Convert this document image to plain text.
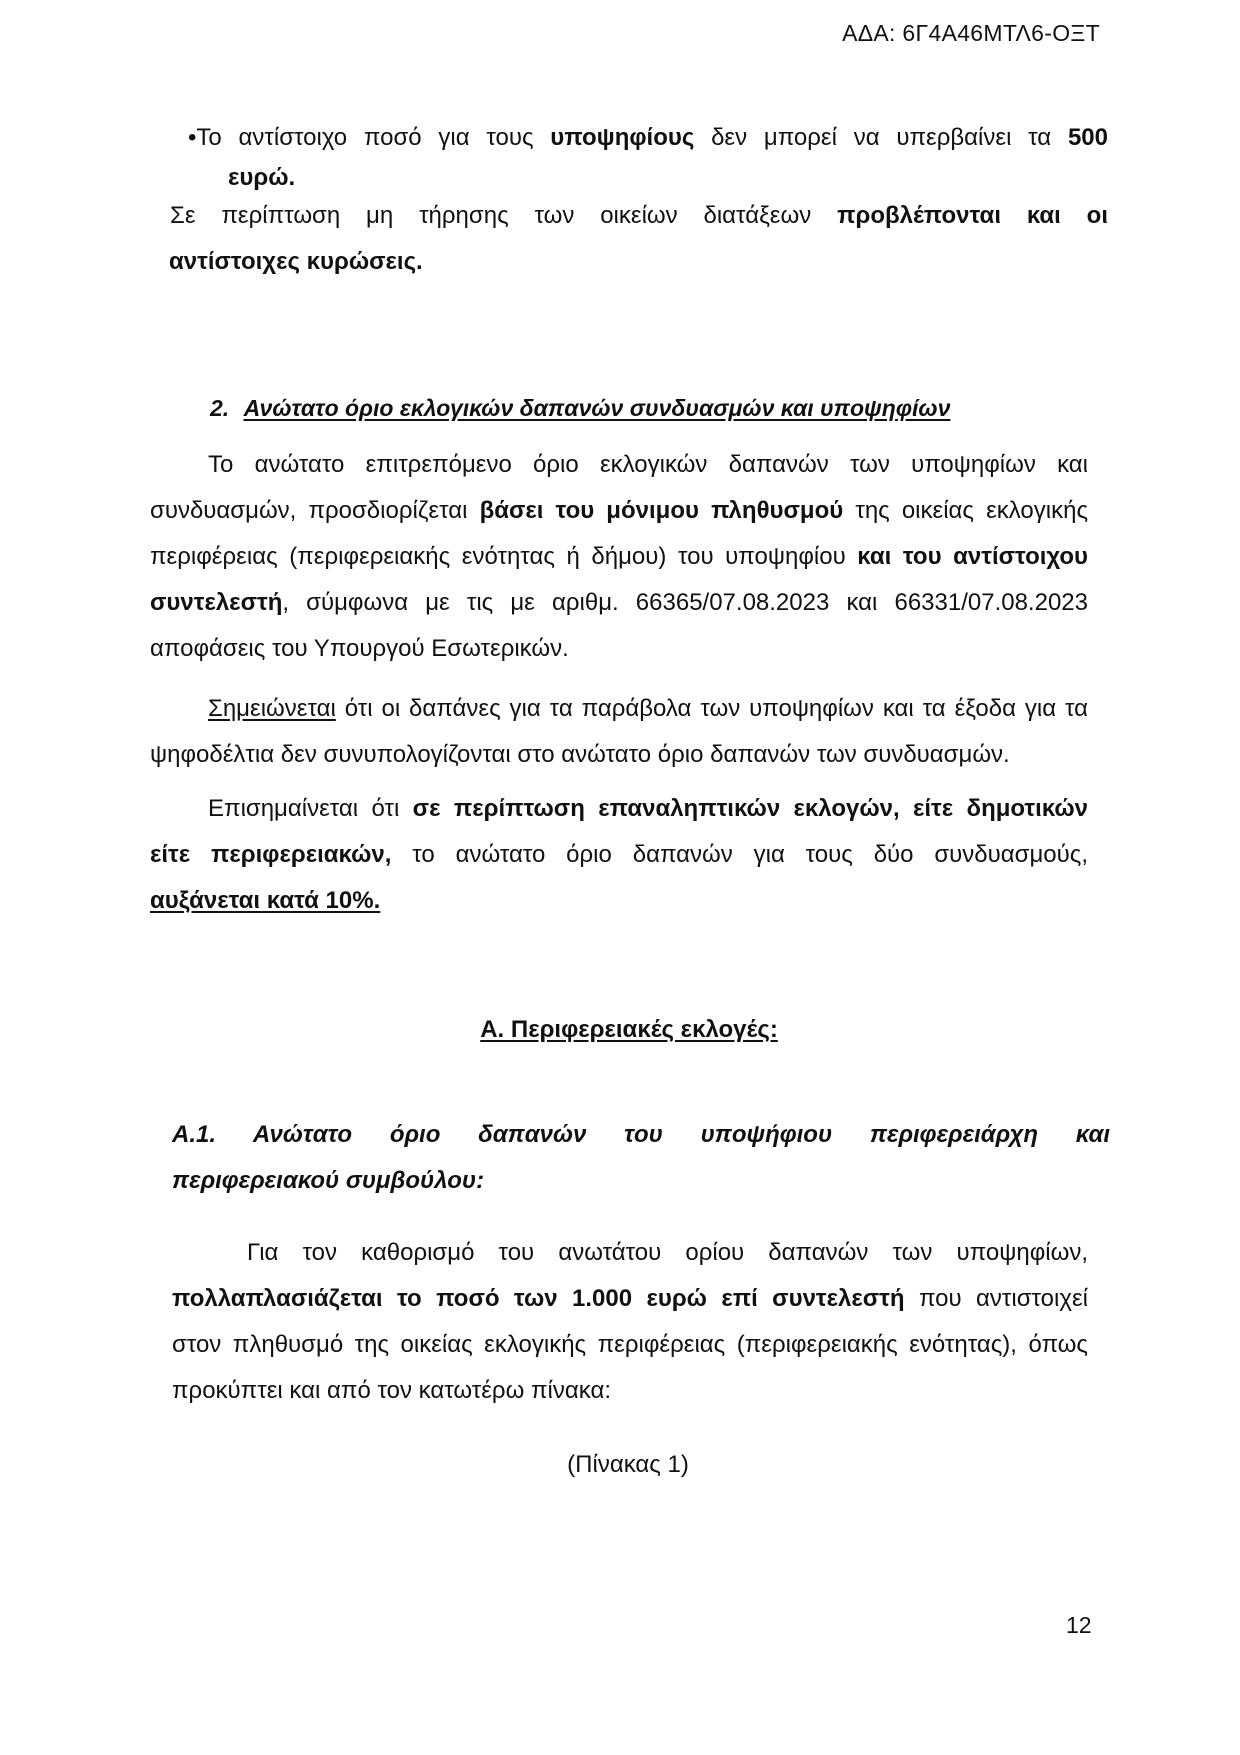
ΑΔΑ: 6Γ4Α46ΜΤΛ6-ΟΞΤ
•Το αντίστοιχο ποσό για τους υποψηφίους δεν μπορεί να υπερβαίνει τα 500
ευρώ.
Σε περίπτωση μη τήρησης των οικείων διατάξεων προβλέπονται και οι
αντίστοιχες κυρώσεις.
2. Ανώτατο όριο εκλογικών δαπανών συνδυασμών και υποψηφίων
Το ανώτατο επιτρεπόμενο όριο εκλογικών δαπανών των υποψηφίων και
συνδυασμών, προσδιορίζεται βάσει του μόνιμου πληθυσμού της οικείας εκλογικής
περιφέρειας (περιφερειακής ενότητας ή δήμου) του υποψηφίου και του αντίστοιχου
συντελεστή, σύμφωνα με τις με αριθμ. 66365/07.08.2023 και 66331/07.08.2023
αποφάσεις του Υπουργού Εσωτερικών.
Σημειώνεται ότι οι δαπάνες για τα παράβολα των υποψηφίων και τα έξοδα για τα
ψηφοδέλτια δεν συνυπολογίζονται στο ανώτατο όριο δαπανών των συνδυασμών.
Επισημαίνεται ότι σε περίπτωση επαναληπτικών εκλογών, είτε δημοτικών
είτε περιφερειακών, το ανώτατο όριο δαπανών για τους δύο συνδυασμούς,
αυξάνεται κατά 10%.
Α. Περιφερειακές εκλογές:
Α.1. Ανώτατο όριο δαπανών του υποψήφιου περιφερειάρχη και
περιφερειακού συμβούλου:
Για τον καθορισμό του ανωτάτου ορίου δαπανών των υποψηφίων,
πολλαπλασιάζεται το ποσό των 1.000 ευρώ επί συντελεστή που αντιστοιχεί
στον πληθυσμό της οικείας εκλογικής περιφέρειας (περιφερειακής ενότητας), όπως
προκύπτει και από τον κατωτέρω πίνακα:
(Πίνακας 1)
12
